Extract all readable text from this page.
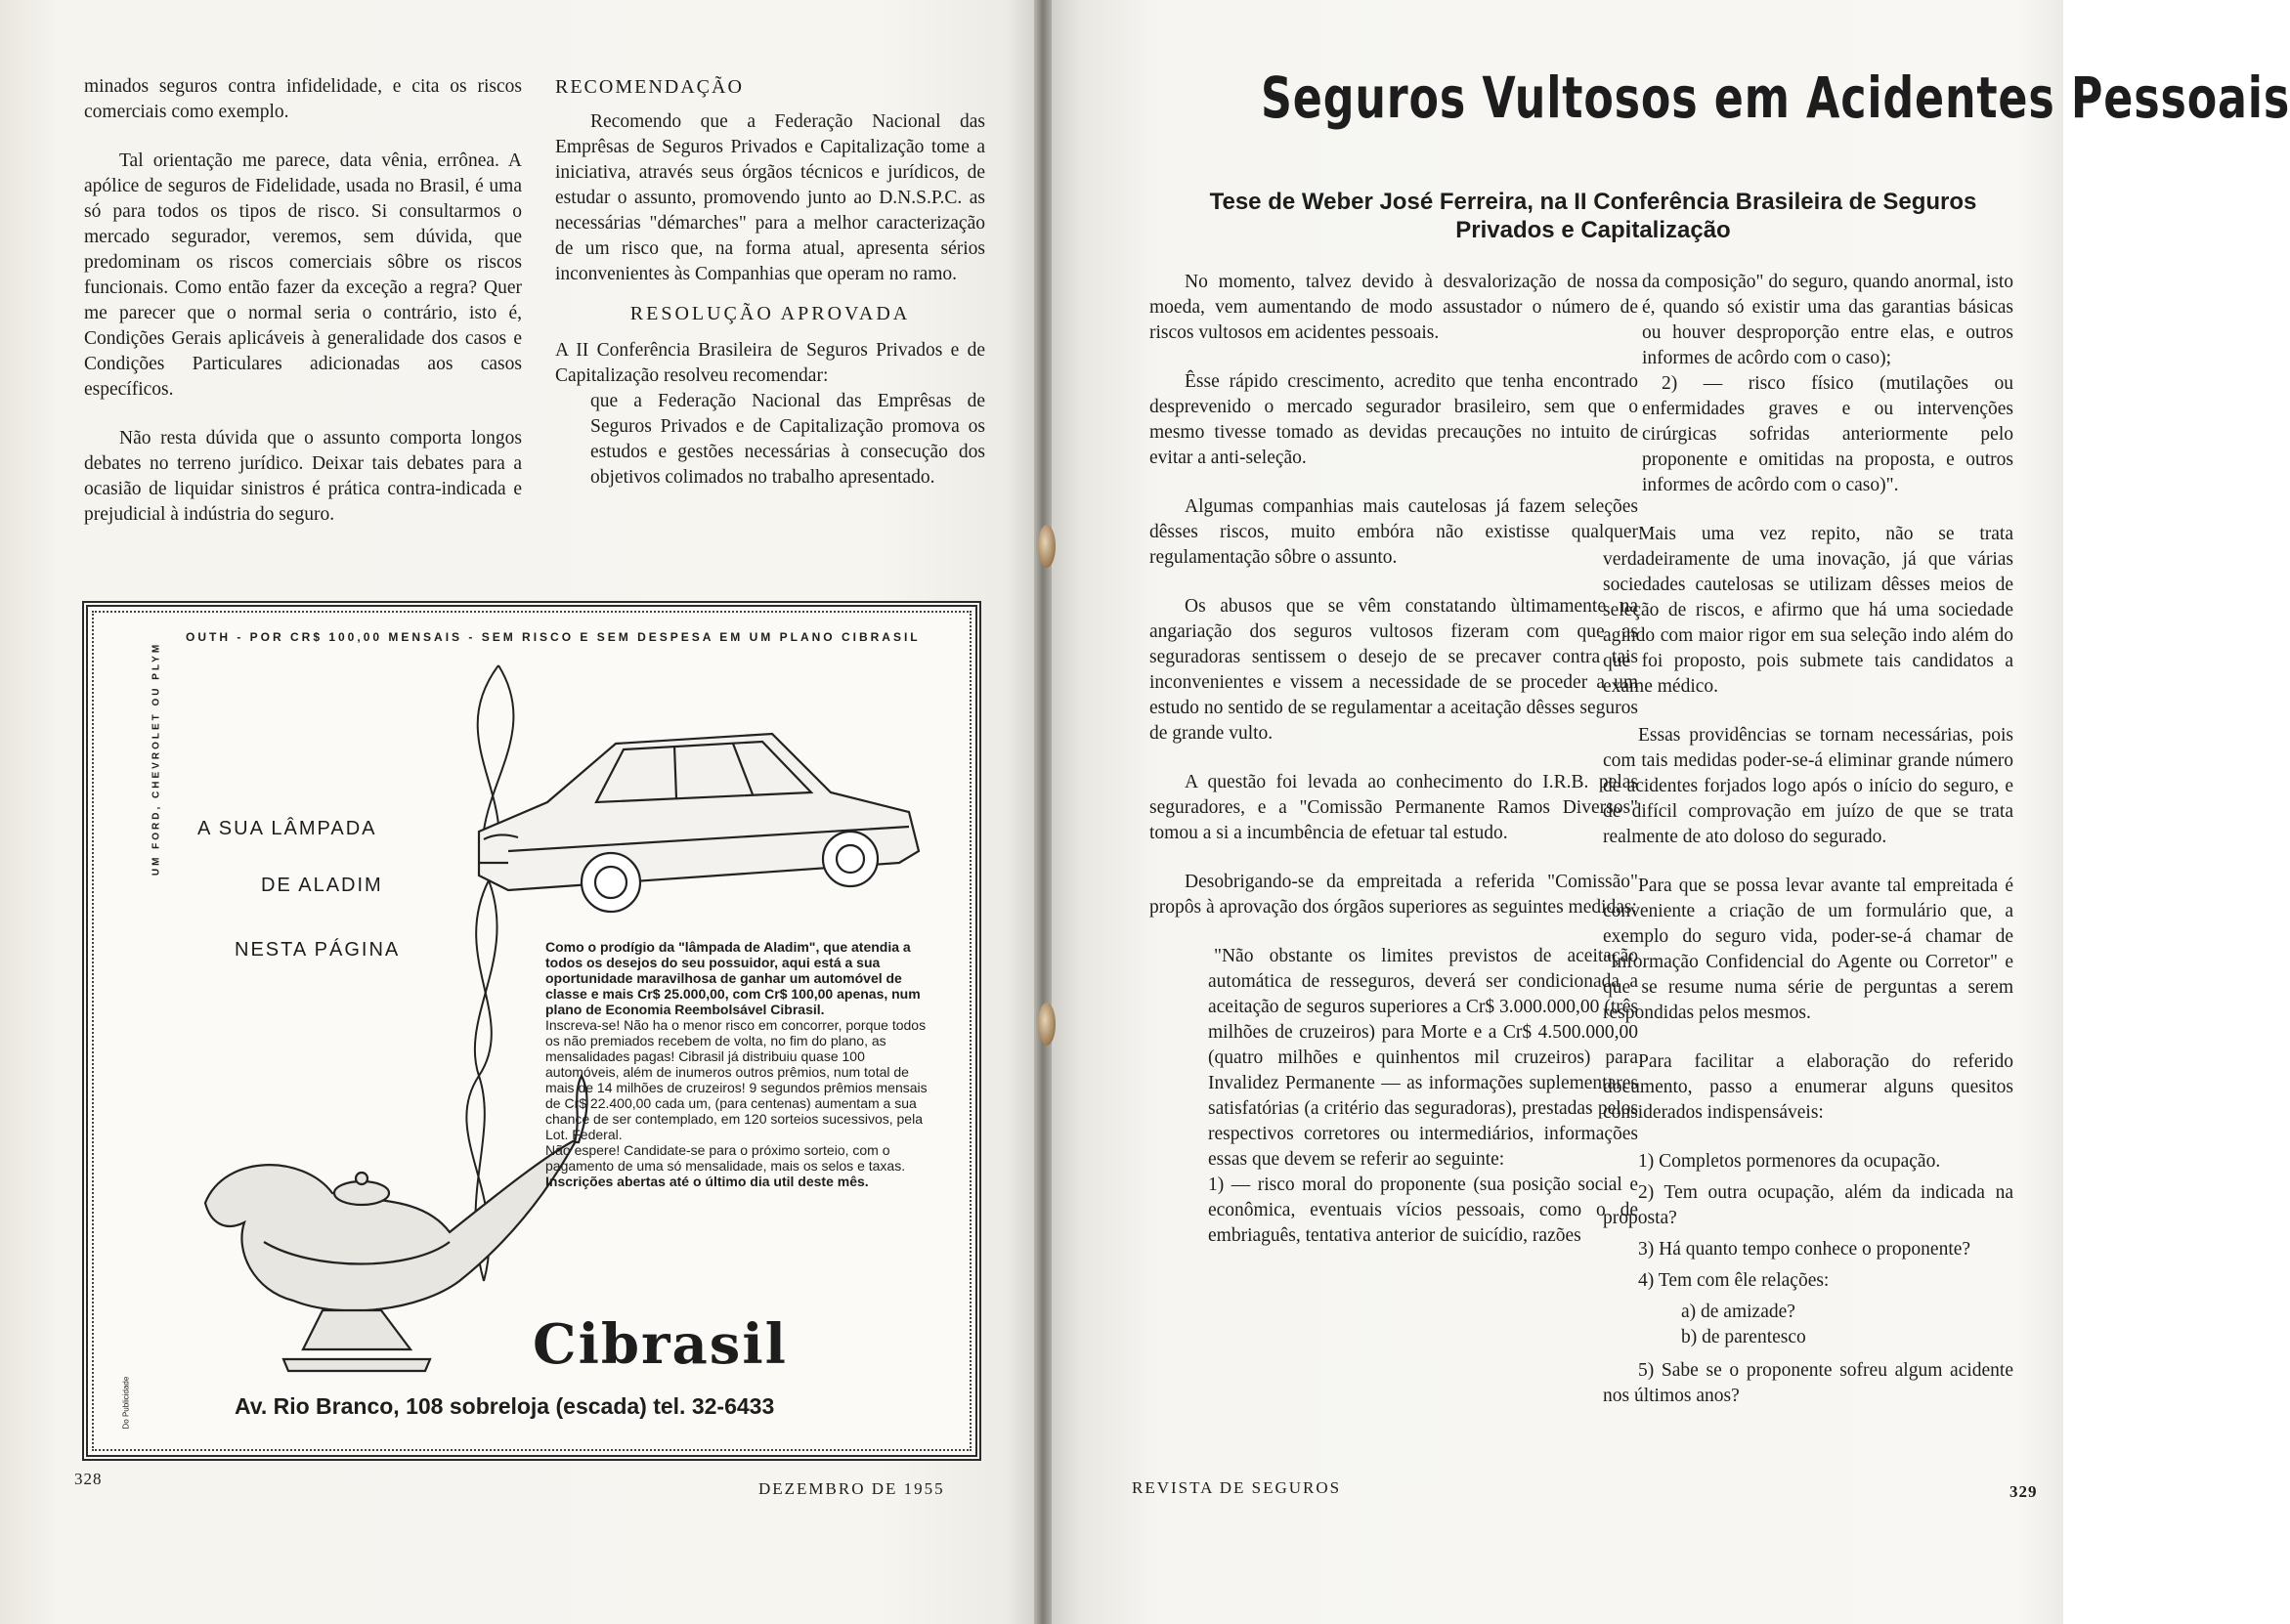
minados seguros contra infidelidade, e cita os riscos comerciais como exemplo.

Tal orientação me parece, data vênia, errônea. A apólice de seguros de Fidelidade, usada no Brasil, é uma só para todos os tipos de risco. Si consultarmos o mercado segurador, veremos, sem dúvida, que predominam os riscos comerciais sôbre os riscos funcionais. Como então fazer da exceção a regra? Quer me parecer que o normal seria o contrário, isto é, Condições Gerais aplicáveis à generalidade dos casos e Condições Particulares adicionadas aos casos específicos.

Não resta dúvida que o assunto comporta longos debates no terreno jurídico. Deixar tais debates para a ocasião de liquidar sinistros é prática contra-indicada e prejudicial à indústria do seguro.

RECOMENDAÇÃO

Recomendo que a Federação Nacional das Emprêsas de Seguros Privados e Capitalização tome a iniciativa, através seus órgãos técnicos e jurídicos, de estudar o assunto, promovendo junto ao D.N.S.P.C. as necessárias "démarches" para a melhor caracterização de um risco que, na forma atual, apresenta sérios inconvenientes às Companhias que operam no ramo.

RESOLUÇÃO APROVADA

A II Conferência Brasileira de Seguros Privados e de Capitalização resolveu recomendar:

que a Federação Nacional das Emprêsas de Seguros Privados e de Capitalização promova os estudos e gestões necessárias à consecução dos objetivos colimados no trabalho apresentado.

OUTH - POR CR$ 100,00 MENSAIS - SEM RISCO E SEM DESPESA EM UM PLANO CIBRASIL
UM FORD, CHEVROLET OU PLYM A SUA LÂMPADA
DE ALADIM
NESTA PÁGINA	Como o prodígio da "lâmpada de Aladim", que atendia a todos os desejos do seu possuidor, aqui está a sua oportunidade maravilhosa de ganhar um automóvel de classe e mais Cr$ 25.000,00, com Cr$ 100,00 apenas, num plano de Economia Reembolsável Cibrasil.
Inscreva-se! Não ha o menor risco em concorrer, porque todos os não premiados recebem de volta, no fim do plano, as mensalidades pagas! Cibrasil já distribuiu quase 100 automóveis, além de inumeros outros prêmios, num total de mais de 14 milhões de cruzeiros! 9 segundos prêmios mensais de Cr$ 22.400,00 cada um, (para centenas) aumentam a sua chance de ser contemplado, em 120 sorteios sucessivos, pela Lot. Federal.
Não espere! Candidate-se para o próximo sorteio, com o pagamento de uma só mensalidade, mais os selos e taxas.
Inscrições abertas até o último dia util deste mês.
Cibrasil
Av. Rio Branco, 108 sobreloja (escada) tel. 32-6433
Do Publicidade
328
DEZEMBRO DE 1955

No momento, talvez devido à desvalorização de nossa moeda, vem aumentando de modo assustador o número de riscos vultosos em acidentes pessoais.

Êsse rápido crescimento, acredito que tenha encontrado desprevenido o mercado segurador brasileiro, sem que o mesmo tivesse tomado as devidas precauções no intuito de evitar a anti-seleção.

Algumas companhias mais cautelosas já fazem seleções dêsses riscos, muito embóra não existisse qualquer regulamentação sôbre o assunto.

Os abusos que se vêm constatando ùltimamente na angariação dos seguros vultosos fizeram com que as seguradoras sentissem o desejo de se precaver contra tais inconvenientes e vissem a necessidade de se proceder a um estudo no sentido de se regulamentar a aceitação dêsses seguros de grande vulto.

A questão foi levada ao conhecimento do I.R.B. pelas seguradores, e a "Comissão Permanente Ramos Diversos" tomou a si a incumbência de efetuar tal estudo.

Desobrigando-se da empreitada a referida "Comissão" propôs à aprovação dos órgãos superiores as seguintes medidas:

"Não obstante os limites previstos de aceitação automática de resseguros, deverá ser condicionada a aceitação de seguros superiores a Cr$ 3.000.000,00 (três milhões de cruzeiros) para Morte e a Cr$ 4.500.000,00 (quatro milhões e quinhentos mil cruzeiros) para Invalidez Permanente — as informações suplementares satisfatórias (a critério das seguradoras), prestadas pelos respectivos corretores ou intermediários, informações essas que devem se referir ao seguinte:

1) — risco moral do proponente (sua posição social e econômica, eventuais vícios pessoais, como o de embriaguês, tentativa anterior de suicídio, razões

da composição" do seguro, quando anormal, isto é, quando só existir uma das garantias básicas ou houver desproporção entre elas, e outros informes de acôrdo com o caso);

2) — risco físico (mutilações ou enfermidades graves e ou intervenções cirúrgicas sofridas anteriormente pelo proponente e omitidas na proposta, e outros informes de acôrdo com o caso)".

Mais uma vez repito, não se trata verdadeiramente de uma inovação, já que várias sociedades cautelosas se utilizam dêsses meios de seleção de riscos, e afirmo que há uma sociedade agindo com maior rigor em sua seleção indo além do que foi proposto, pois submete tais candidatos a exame médico.

Essas providências se tornam necessárias, pois com tais medidas poder-se-á eliminar grande número de acidentes forjados logo após o início do seguro, e de difícil comprovação em juízo de que se trata realmente de ato doloso do segurado.

Para que se possa levar avante tal empreitada é conveniente a criação de um formulário que, a exemplo do seguro vida, poder-se-á chamar de "Informação Confidencial do Agente ou Corretor" e que se resume numa série de perguntas a serem respondidas pelos mesmos.

Para facilitar a elaboração do referido documento, passo a enumerar alguns quesitos considerados indispensáveis:

1) Completos pormenores da ocupação.

2) Tem outra ocupação, além da indicada na proposta?

3) Há quanto tempo conhece o proponente?

4) Tem com êle relações:

a) de amizade?

b) de parentesco

5) Sabe se o proponente sofreu algum acidente nos últimos anos?

REVISTA DE SEGUROS	329
Seguros Vultosos em Acidentes Pessoais
Tese de Weber José Ferreira, na II Conferência Brasileira de Seguros Privados e Capitalização
